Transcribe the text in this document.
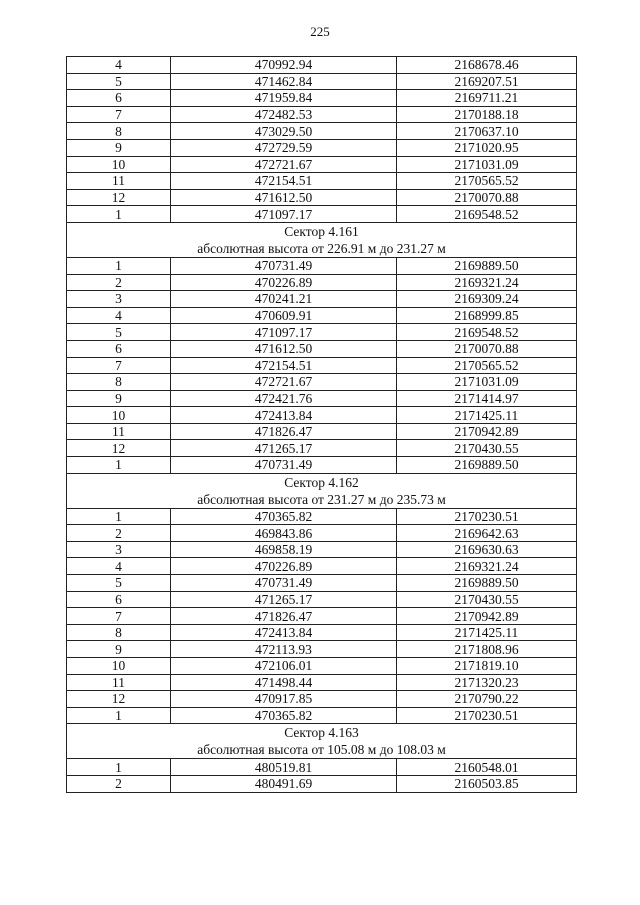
225
4	470992.94	2168678.46
5	471462.84	2169207.51
6	471959.84	2169711.21
7	472482.53	2170188.18
8	473029.50	2170637.10
9	472729.59	2171020.95
10	472721.67	2171031.09
11	472154.51	2170565.52
12	471612.50	2170070.88
1	471097.17	2169548.52

Сектор 4.161
абсолютная высота от 226.91 м до 231.27 м		

1	470731.49	2169889.50
2	470226.89	2169321.24
3	470241.21	2169309.24
4	470609.91	2168999.85
5	471097.17	2169548.52
6	471612.50	2170070.88
7	472154.51	2170565.52
8	472721.67	2171031.09
9	472421.76	2171414.97
10	472413.84	2171425.11
11	471826.47	2170942.89
12	471265.17	2170430.55
1	470731.49	2169889.50

Сектор 4.162
абсолютная высота от 231.27 м до 235.73 м		

1	470365.82	2170230.51
2	469843.86	2169642.63
3	469858.19	2169630.63
4	470226.89	2169321.24
5	470731.49	2169889.50
6	471265.17	2170430.55
7	471826.47	2170942.89
8	472413.84	2171425.11
9	472113.93	2171808.96
10	472106.01	2171819.10
11	471498.44	2171320.23
12	470917.85	2170790.22
1	470365.82	2170230.51

Сектор 4.163
абсолютная высота от 105.08 м до 108.03 м		

1	480519.81	2160548.01
2	480491.69	2160503.85
